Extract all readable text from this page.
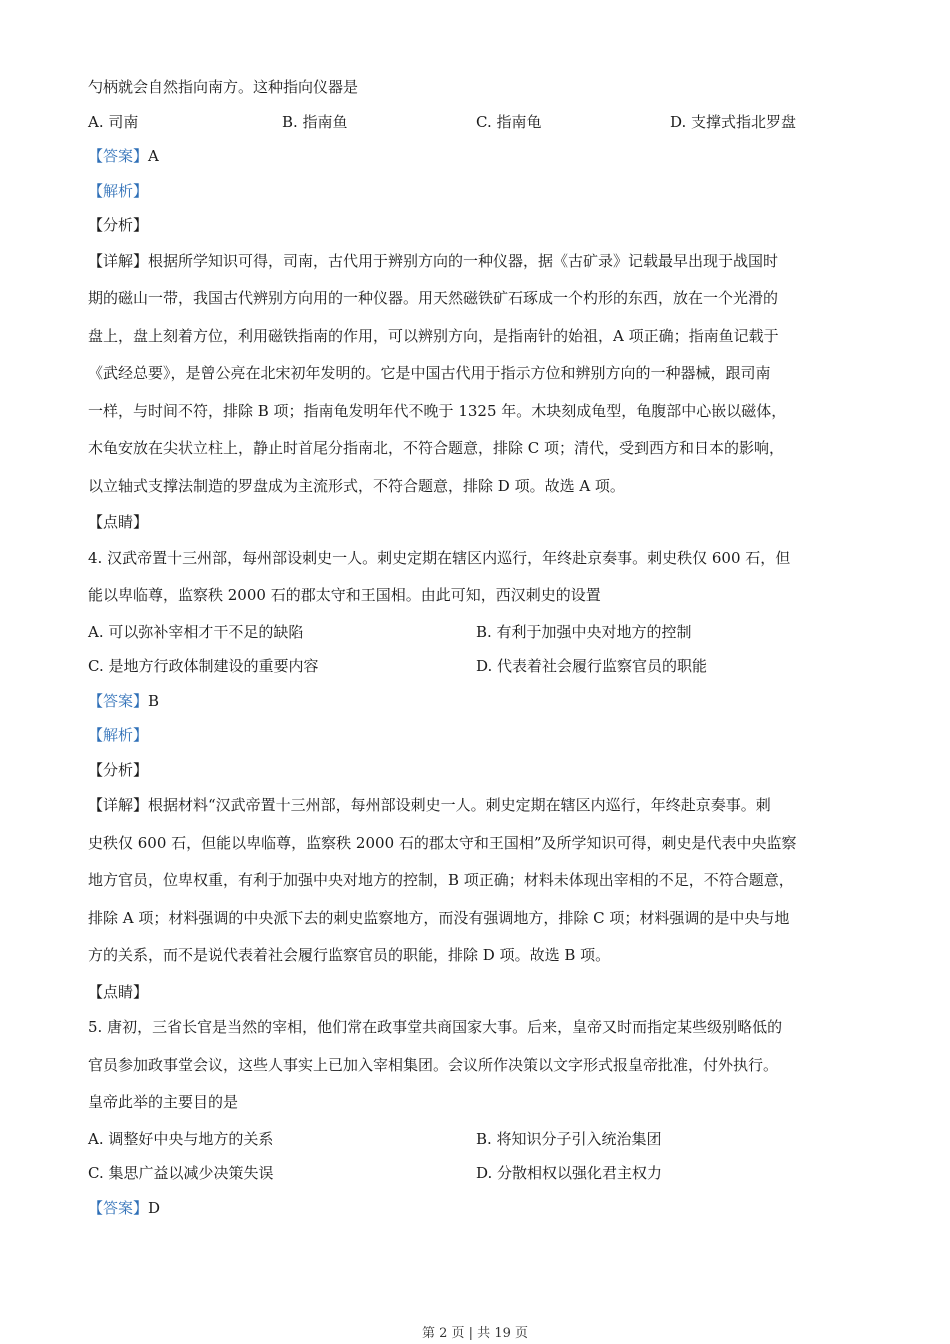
勺柄就会自然指向南方。这种指向仪器是
A. 司南	B. 指南鱼	C. 指南龟	D. 支撑式指北罗盘
【答案】A
【解析】
【分析】
【详解】根据所学知识可得，司南，古代用于辨别方向的一种仪器，据《古矿录》记载最早出现于战国时
期的磁山一带，我国古代辨别方向用的一种仪器。用天然磁铁矿石琢成一个杓形的东西，放在一个光滑的
盘上，盘上刻着方位，利用磁铁指南的作用，可以辨别方向，是指南针的始祖，A 项正确；指南鱼记载于
《武经总要》，是曾公亮在北宋初年发明的。它是中国古代用于指示方位和辨别方向的一种器械，跟司南
一样，与时间不符，排除 B 项；指南龟发明年代不晚于 1325 年。木块刻成龟型，龟腹部中心嵌以磁体，
木龟安放在尖状立柱上，静止时首尾分指南北，不符合题意，排除 C 项；清代，受到西方和日本的影响，
以立轴式支撑法制造的罗盘成为主流形式，不符合题意，排除 D 项。故选 A 项。
【点睛】
4. 汉武帝置十三州部，每州部设刺史一人。刺史定期在辖区内巡行，年终赴京奏事。刺史秩仅 600 石，但
能以卑临尊，监察秩 2000 石的郡太守和王国相。由此可知，西汉刺史的设置
A. 可以弥补宰相才干不足的缺陷	B. 有利于加强中央对地方的控制
C. 是地方行政体制建设的重要内容	D. 代表着社会履行监察官员的职能
【答案】B
【解析】
【分析】
【详解】根据材料“汉武帝置十三州部，每州部设刺史一人。刺史定期在辖区内巡行，年终赴京奏事。刺
史秩仅 600 石，但能以卑临尊，监察秩 2000 石的郡太守和王国相”及所学知识可得，刺史是代表中央监察
地方官员，位卑权重，有利于加强中央对地方的控制，B 项正确；材料未体现出宰相的不足，不符合题意，
排除 A 项；材料强调的中央派下去的刺史监察地方，而没有强调地方，排除 C 项；材料强调的是中央与地
方的关系，而不是说代表着社会履行监察官员的职能，排除 D 项。故选 B 项。
【点睛】
5. 唐初，三省长官是当然的宰相，他们常在政事堂共商国家大事。后来，皇帝又时而指定某些级别略低的
官员参加政事堂会议，这些人事实上已加入宰相集团。会议所作决策以文字形式报皇帝批准，付外执行。
皇帝此举的主要目的是
A. 调整好中央与地方的关系	B. 将知识分子引入统治集团
C. 集思广益以减少决策失误	D. 分散相权以强化君主权力
【答案】D
第 2 页 | 共 19 页
